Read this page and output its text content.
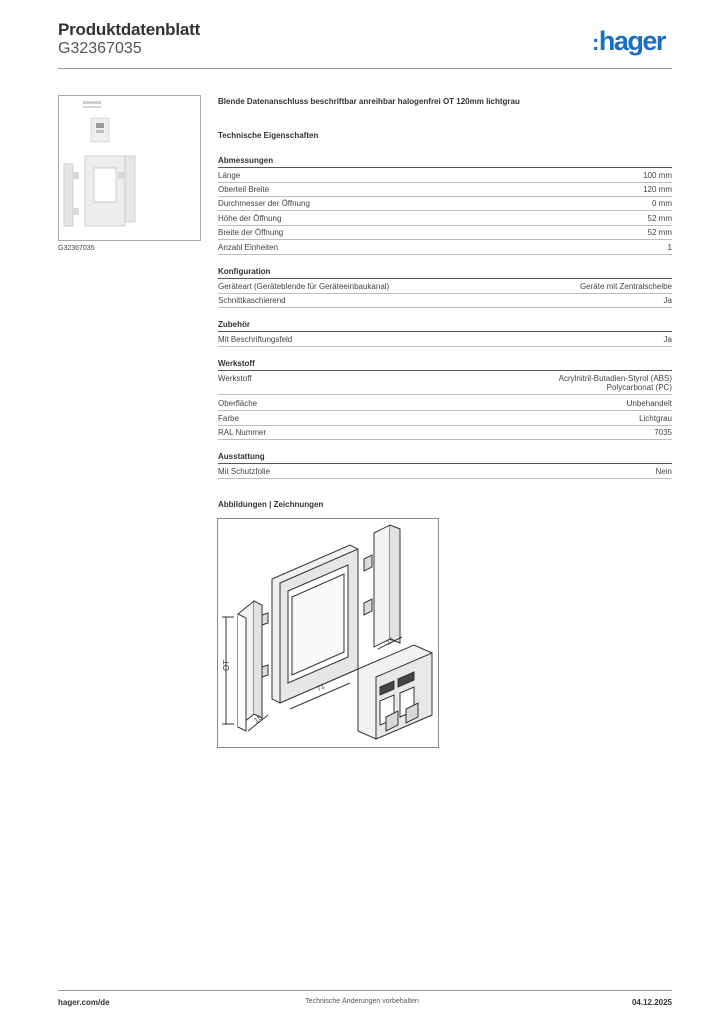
Produktdatenblatt
G32367035	:hager
G32367035
Blende Datenanschluss beschriftbar anreihbar halogenfrei OT 120mm lichtgrau
Technische Eigenschaften
Abmessungen
Länge	100 mm
Oberteil Breite	120 mm
Durchmesser der Öffnung	0 mm
Höhe der Öffnung	52 mm
Breite der Öffnung	52 mm
Anzahl Einheiten	1
Konfiguration
Geräteart (Geräteblende für Geräteeinbaukanal)	Geräte mit Zentralscheibe
Schnittkaschierend	Ja
Zubehör
Mit Beschriftungsfeld	Ja
Werkstoff
Werkstoff	Acrylnitril-Butadien-Styrol (ABS)
Polycarbonat (PC)
Oberfläche	Unbehandelt
Farbe	Lichtgrau
RAL Nummer	7035
Ausstattung
Mit Schutzfolie	Nein
Abbildungen | Zeichnungen
OT
15
71
15
hager.com/de	Technische Änderungen vorbehalten	04.12.2025
